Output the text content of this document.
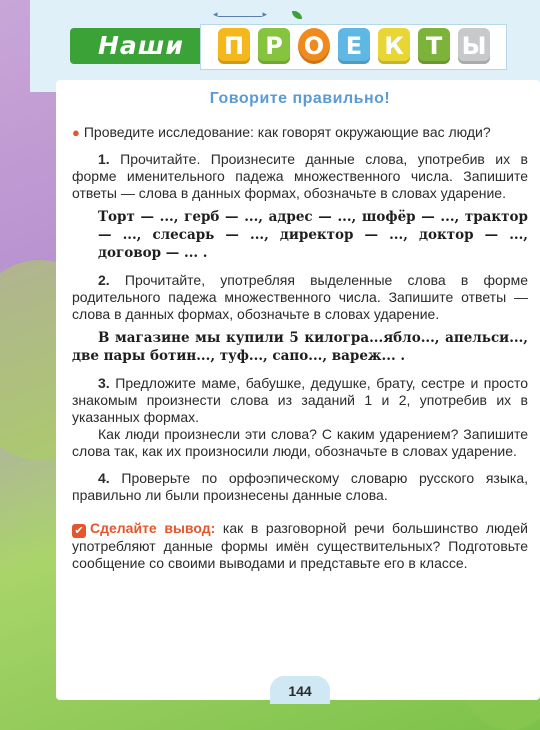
Наши
◂ ▸ П Р О Е К Т Ы
Говорите правильно!

● Проведите исследование: как говорят окружающие вас люди?

1. Прочитайте. Произнесите данные слова, употребив их в форме именительного падежа множественного числа. Запишите ответы — слова в данных формах, обозначьте в словах ударение.

Торт — ..., герб — ..., адрес — ..., шофёр — ..., трактор — ..., слесарь — ..., директор — ..., доктор — ..., договор — ... .

2. Прочитайте, употребляя выделенные слова в форме родительного падежа множественного числа. Запишите ответы — слова в данных формах, обозначьте в словах ударение.

В магазине мы купили 5 килогра...ябло..., апельси..., две пары ботин..., туф..., сапо..., вареж... .

3. Предложите маме, бабушке, дедушке, брату, сестре и просто знакомым произнести слова из заданий 1 и 2, употребив их в указанных формах.

Как люди произнесли эти слова? С каким ударением? Запишите слова так, как их произносили люди, обозначьте в словах ударение.

4. Проверьте по орфоэпическому словарю русского языка, правильно ли были произнесены данные слова.

✔ Сделайте вывод: как в разговорной речи большинство людей употребляют данные формы имён существительных? Подготовьте сообщение со своими выводами и представьте его в классе.

144
